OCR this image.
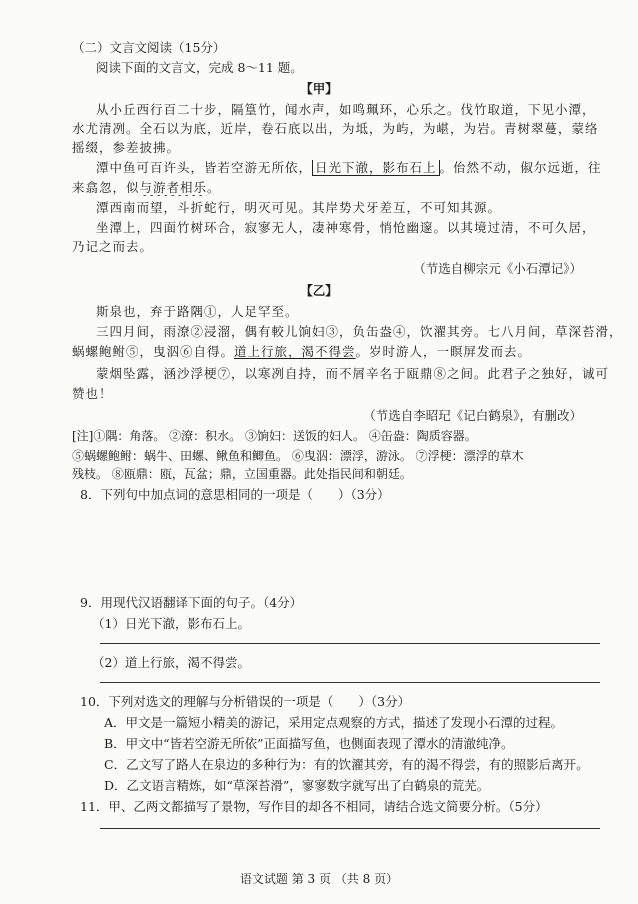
（二）文言文阅读（15分）
阅读下面的文言文，完成 8～11 题。
【甲】
从小丘西行百二十步，隔篁竹，闻水声，如鸣珮环，心乐之。伐竹取道，下见小潭，
水尤清冽。全石以为底，近岸，卷石底以出，为坻，为屿，为嵁，为岩。青树翠蔓，蒙络
摇缀，参差披拂。
潭中鱼可百许头，皆若空游无所依， 日光下澈，影布石上 。佁然不动，俶尔远逝，往
来翕忽，似与游者相乐。
潭西南而望，斗折蛇行，明灭可见。其岸势犬牙差互，不可知其源。
坐潭上，四面竹树环合，寂寥无人，凄神寒骨，悄怆幽邃。以其境过清，不可久居，
乃记之而去。
（节选自柳宗元《小石潭记》）
【乙】
斯泉也，弃于路隅①，人足罕至。
三四月间，雨潦②浸溜，偶有較儿饷妇③，负缶盎④，饮濯其旁。七八月间，草深苔滑，
蜗螺鲍鲋⑤，曳泅⑥自得。道上行旅，渴不得尝。岁时游人，一瞑屏发而去。
蒙烟坠露，涵沙浮梗⑦，以寒冽自持，而不屑辛名于瓯鼎⑧之间。此君子之独好，诚可
赞也！
（节选自李昭玘《记白鹤泉》，有删改）
[注]①隅：角落。 ②潦：积水。 ③饷妇：送饭的妇人。 ④缶盎：陶质容器。
⑤蜗螺鲍鲋：蜗牛、田螺、鳅鱼和鲫鱼。 ⑥曳泅：漂浮，游泳。 ⑦浮梗：漂浮的草木
残枝。 ⑧瓯鼎：瓯，瓦盆；鼎，立国重器。此处指民间和朝廷。
8．下列句中加点词的意思相同的一项是（　　）（3分）
9．用现代汉语翻译下面的句子。（4分）
（1）日光下澈，影布石上。
（2）道上行旅，渴不得尝。
10．下列对选文的理解与分析错误的一项是（　　）（3分）
A．甲文是一篇短小精美的游记，采用定点观察的方式，描述了发现小石潭的过程。
B．甲文中“皆若空游无所依”正面描写鱼，也侧面表现了潭水的清澈纯净。
C．乙文写了路人在泉边的多种行为：有的饮濯其旁，有的渴不得尝，有的照影后离开。
D．乙文语言精炼，如“草深苔滑”，寥寥数字就写出了白鹤泉的荒芜。
11．甲、乙两文都描写了景物，写作目的却各不相同，请结合选文简要分析。（5分）
语文试题 第 3 页 （共 8 页）
